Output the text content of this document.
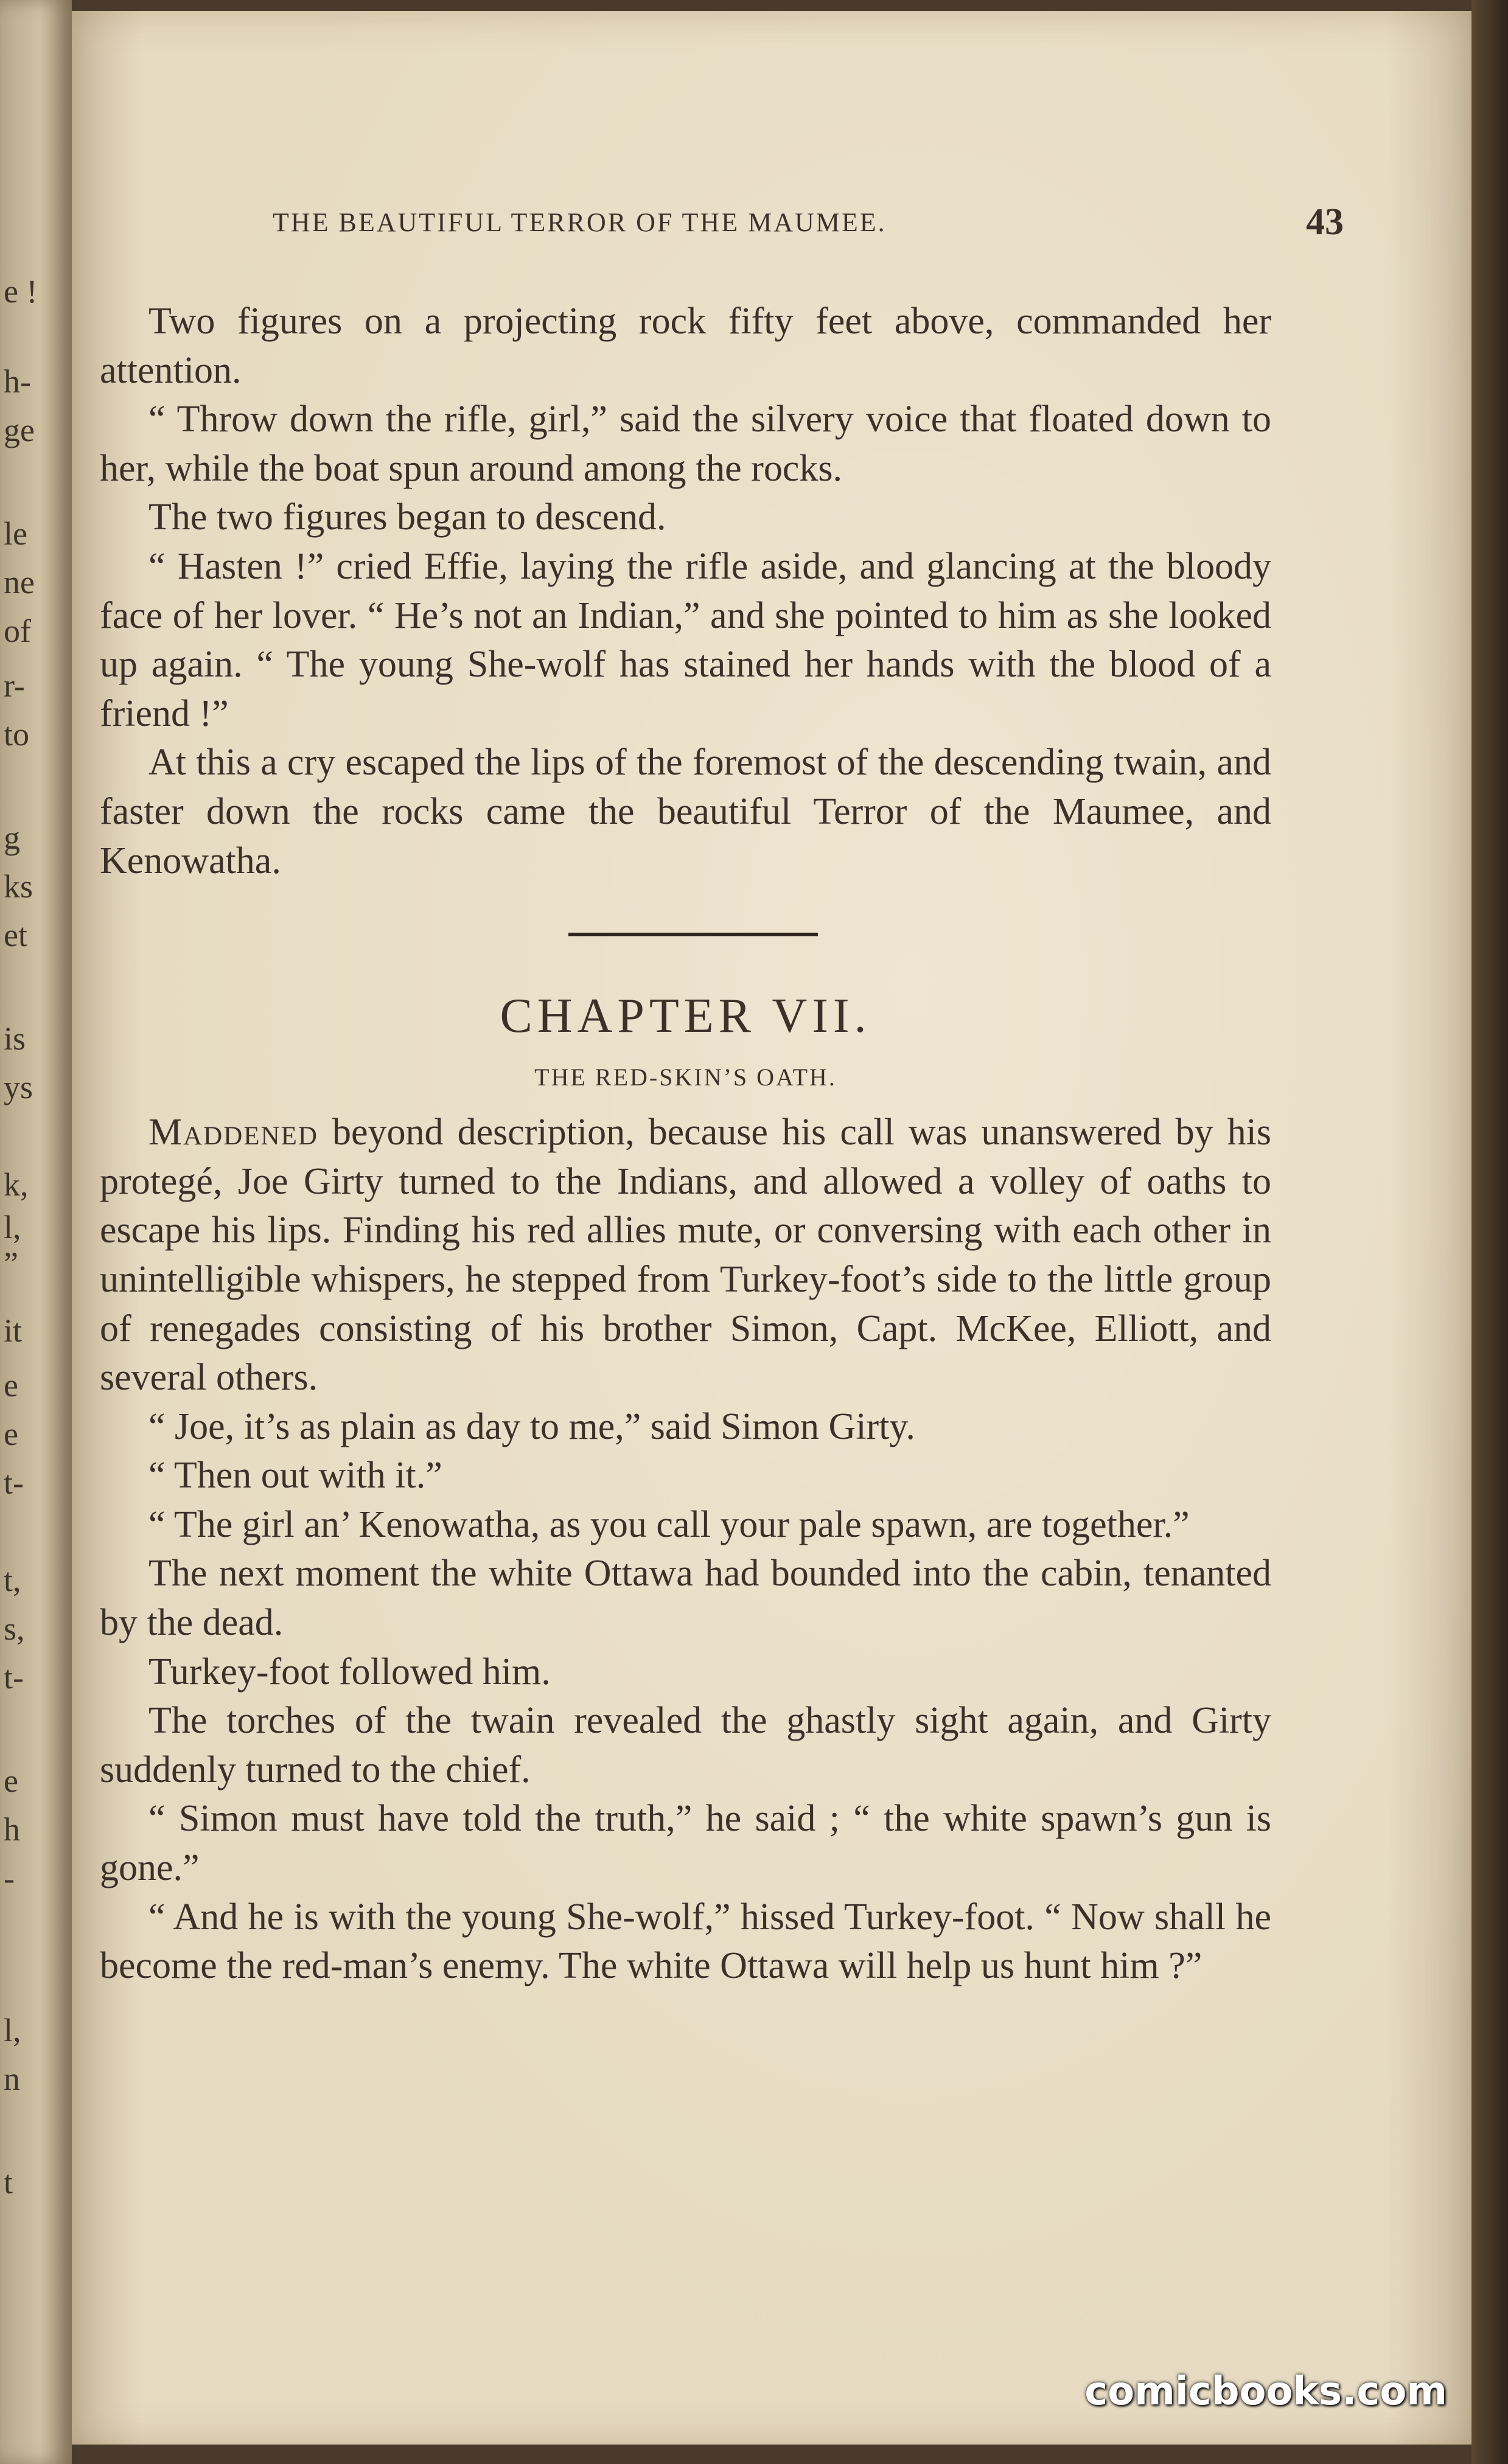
e !
h-
ge
le
ne
of
r-
to
g
ks
et
is
ys
k,
l,
”
it
e
e
t-
t,
s,
t-
e
h
-
l,
n
t
THE BEAUTIFUL TERROR OF THE MAUMEE.	43

Two figures on a projecting rock fifty feet above, commanded her attention.

“ Throw down the rifle, girl,” said the silvery voice that floated down to her, while the boat spun around among the rocks.

The two figures began to descend.

“ Hasten !” cried Effie, laying the rifle aside, and glancing at the bloody face of her lover. “ He’s not an Indian,” and she pointed to him as she looked up again. “ The young She-wolf has stained her hands with the blood of a friend !”

At this a cry escaped the lips of the foremost of the descending twain, and faster down the rocks came the beautiful Terror of the Maumee, and Kenowatha.

CHAPTER VII.
THE RED-SKIN’S OATH.

Maddened beyond description, because his call was unanswered by his protegé, Joe Girty turned to the Indians, and allowed a volley of oaths to escape his lips. Finding his red allies mute, or conversing with each other in unintelligible whispers, he stepped from Turkey-foot’s side to the little group of renegades consisting of his brother Simon, Capt. McKee, Elliott, and several others.

“ Joe, it’s as plain as day to me,” said Simon Girty.

“ Then out with it.”

“ The girl an’ Kenowatha, as you call your pale spawn, are together.”

The next moment the white Ottawa had bounded into the cabin, tenanted by the dead.

Turkey-foot followed him.

The torches of the twain revealed the ghastly sight again, and Girty suddenly turned to the chief.

“ Simon must have told the truth,” he said ; “ the white spawn’s gun is gone.”

“ And he is with the young She-wolf,” hissed Turkey-foot. “ Now shall he become the red-man’s enemy. The white Ottawa will help us hunt him ?”

comicbooks.com
